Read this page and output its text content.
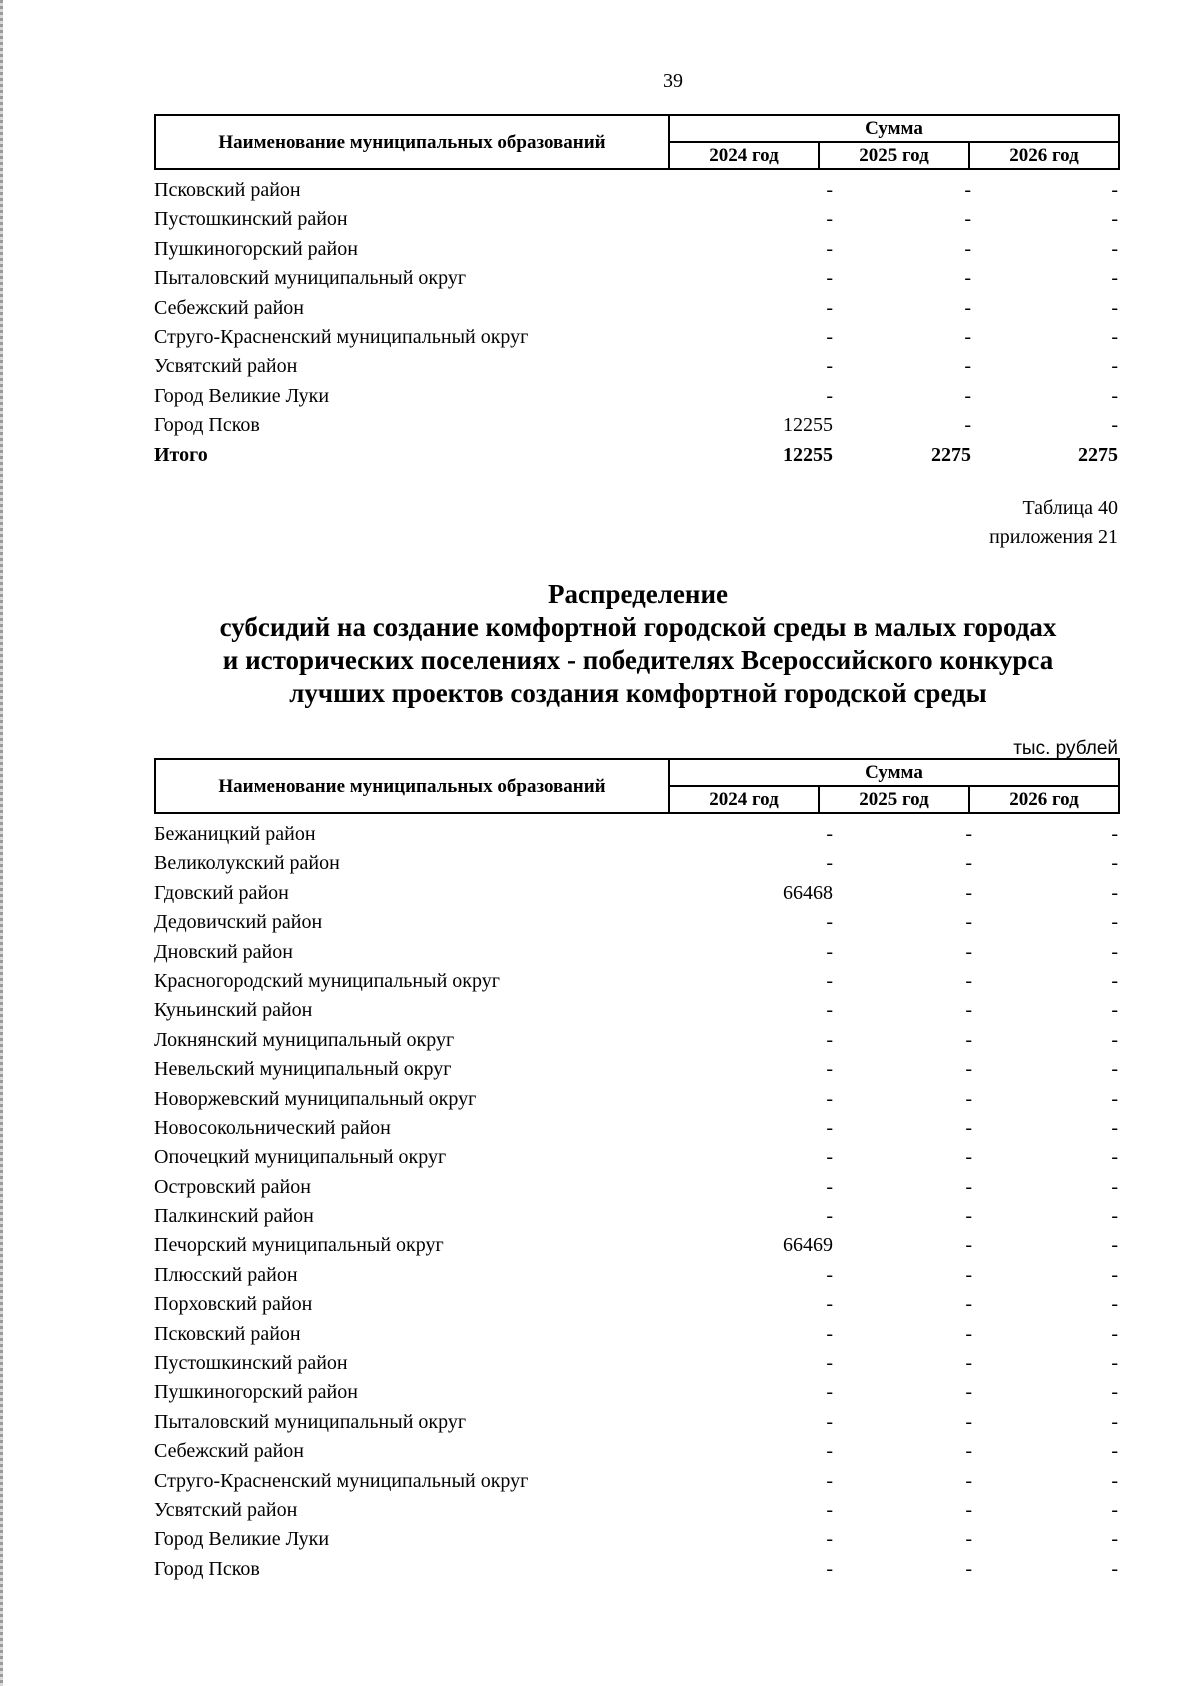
39
Наименование муниципальных образований	Сумма		
	2024 год	2025 год	2026 год
Псковский район	-	-	-
Пустошкинский район	-	-	-
Пушкиногорский район	-	-	-
Пыталовский муниципальный округ	-	-	-
Себежский район	-	-	-
Струго-Красненский муниципальный округ	-	-	-
Усвятский район	-	-	-
Город Великие Луки	-	-	-
Город Псков	12255	-	-
Итого	12255	2275	2275
Таблица 40
приложения 21
Распределение
субсидий на создание комфортной городской среды в малых городах
и исторических поселениях - победителях Всероссийского конкурса
лучших проектов создания комфортной городской среды
тыс. рублей
Наименование муниципальных образований	Сумма		
	2024 год	2025 год	2026 год
Бежаницкий район	-	-	-
Великолукский район	-	-	-
Гдовский район	66468	-	-
Дедовичский район	-	-	-
Дновский район	-	-	-
Красногородский муниципальный округ	-	-	-
Куньинский район	-	-	-
Локнянский муниципальный округ	-	-	-
Невельский муниципальный округ	-	-	-
Новоржевский муниципальный округ	-	-	-
Новосокольнический район	-	-	-
Опочецкий муниципальный округ	-	-	-
Островский район	-	-	-
Палкинский район	-	-	-
Печорский муниципальный округ	66469	-	-
Плюсский район	-	-	-
Порховский район	-	-	-
Псковский район	-	-	-
Пустошкинский район	-	-	-
Пушкиногорский район	-	-	-
Пыталовский муниципальный округ	-	-	-
Себежский район	-	-	-
Струго-Красненский муниципальный округ	-	-	-
Усвятский район	-	-	-
Город Великие Луки	-	-	-
Город Псков	-	-	-
